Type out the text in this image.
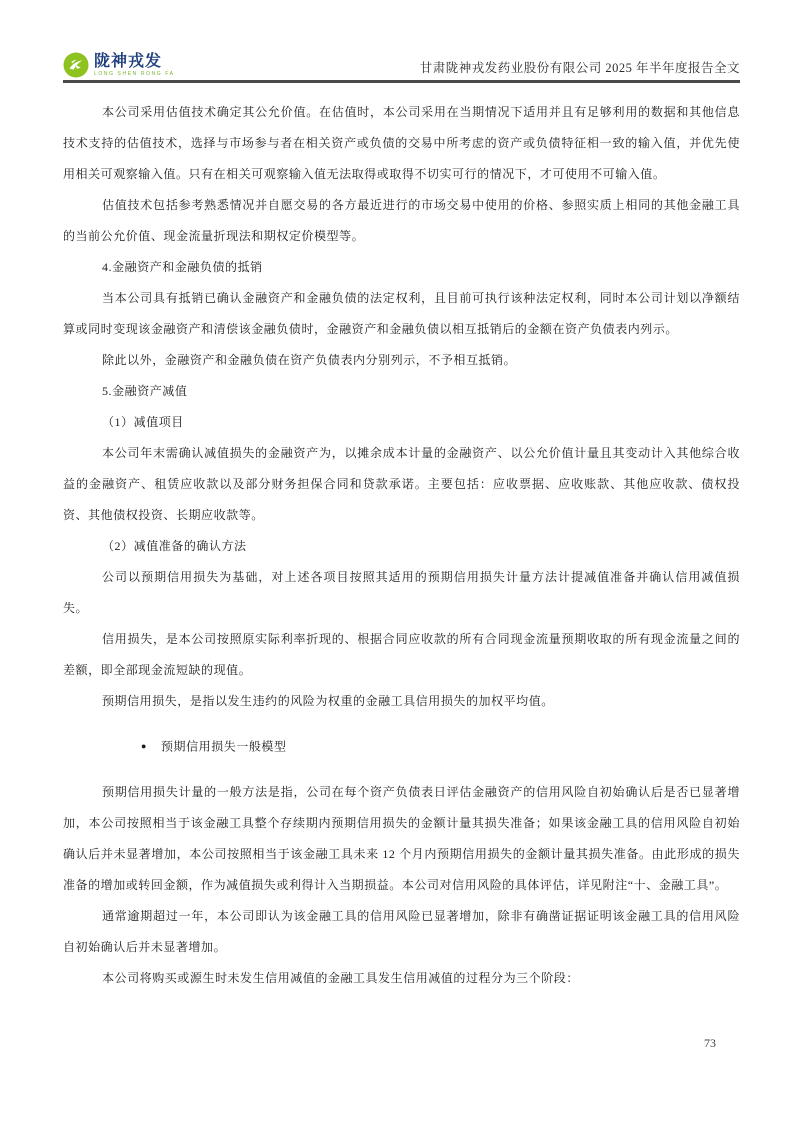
陇神戎发
LONG SHEN RONG FA	甘肃陇神戎发药业股份有限公司 2025 年半年度报告全文

本公司采用估值技术确定其公允价值。在估值时，本公司采用在当期情况下适用并且有足够利用的数据和其他信息技术支持的估值技术，选择与市场参与者在相关资产或负债的交易中所考虑的资产或负债特征相一致的输入值，并优先使用相关可观察输入值。只有在相关可观察输入值无法取得或取得不切实可行的情况下，才可使用不可输入值。

估值技术包括参考熟悉情况并自愿交易的各方最近进行的市场交易中使用的价格、参照实质上相同的其他金融工具的当前公允价值、现金流量折现法和期权定价模型等。

4.金融资产和金融负债的抵销

当本公司具有抵销已确认金融资产和金融负债的法定权利，且目前可执行该种法定权利，同时本公司计划以净额结算或同时变现该金融资产和清偿该金融负债时，金融资产和金融负债以相互抵销后的金额在资产负债表内列示。

除此以外，金融资产和金融负债在资产负债表内分别列示，不予相互抵销。

5.金融资产减值

（1）减值项目

本公司年末需确认减值损失的金融资产为，以摊余成本计量的金融资产、以公允价值计量且其变动计入其他综合收益的金融资产、租赁应收款以及部分财务担保合同和贷款承诺。主要包括：应收票据、应收账款、其他应收款、债权投资、其他债权投资、长期应收款等。

（2）减值准备的确认方法

公司以预期信用损失为基础，对上述各项目按照其适用的预期信用损失计量方法计提减值准备并确认信用减值损失。

信用损失，是本公司按照原实际利率折现的、根据合同应收款的所有合同现金流量预期收取的所有现金流量之间的差额，即全部现金流短缺的现值。

预期信用损失，是指以发生违约的风险为权重的金融工具信用损失的加权平均值。

● 预期信用损失一般模型

预期信用损失计量的一般方法是指，公司在每个资产负债表日评估金融资产的信用风险自初始确认后是否已显著增加，本公司按照相当于该金融工具整个存续期内预期信用损失的金额计量其损失准备；如果该金融工具的信用风险自初始确认后并未显著增加，本公司按照相当于该金融工具未来 12 个月内预期信用损失的金额计量其损失准备。由此形成的损失准备的增加或转回金额，作为减值损失或利得计入当期损益。本公司对信用风险的具体评估，详见附注“十、金融工具”。

通常逾期超过一年，本公司即认为该金融工具的信用风险已显著增加，除非有确凿证据证明该金融工具的信用风险自初始确认后并未显著增加。

本公司将购买或源生时未发生信用减值的金融工具发生信用减值的过程分为三个阶段：

73
